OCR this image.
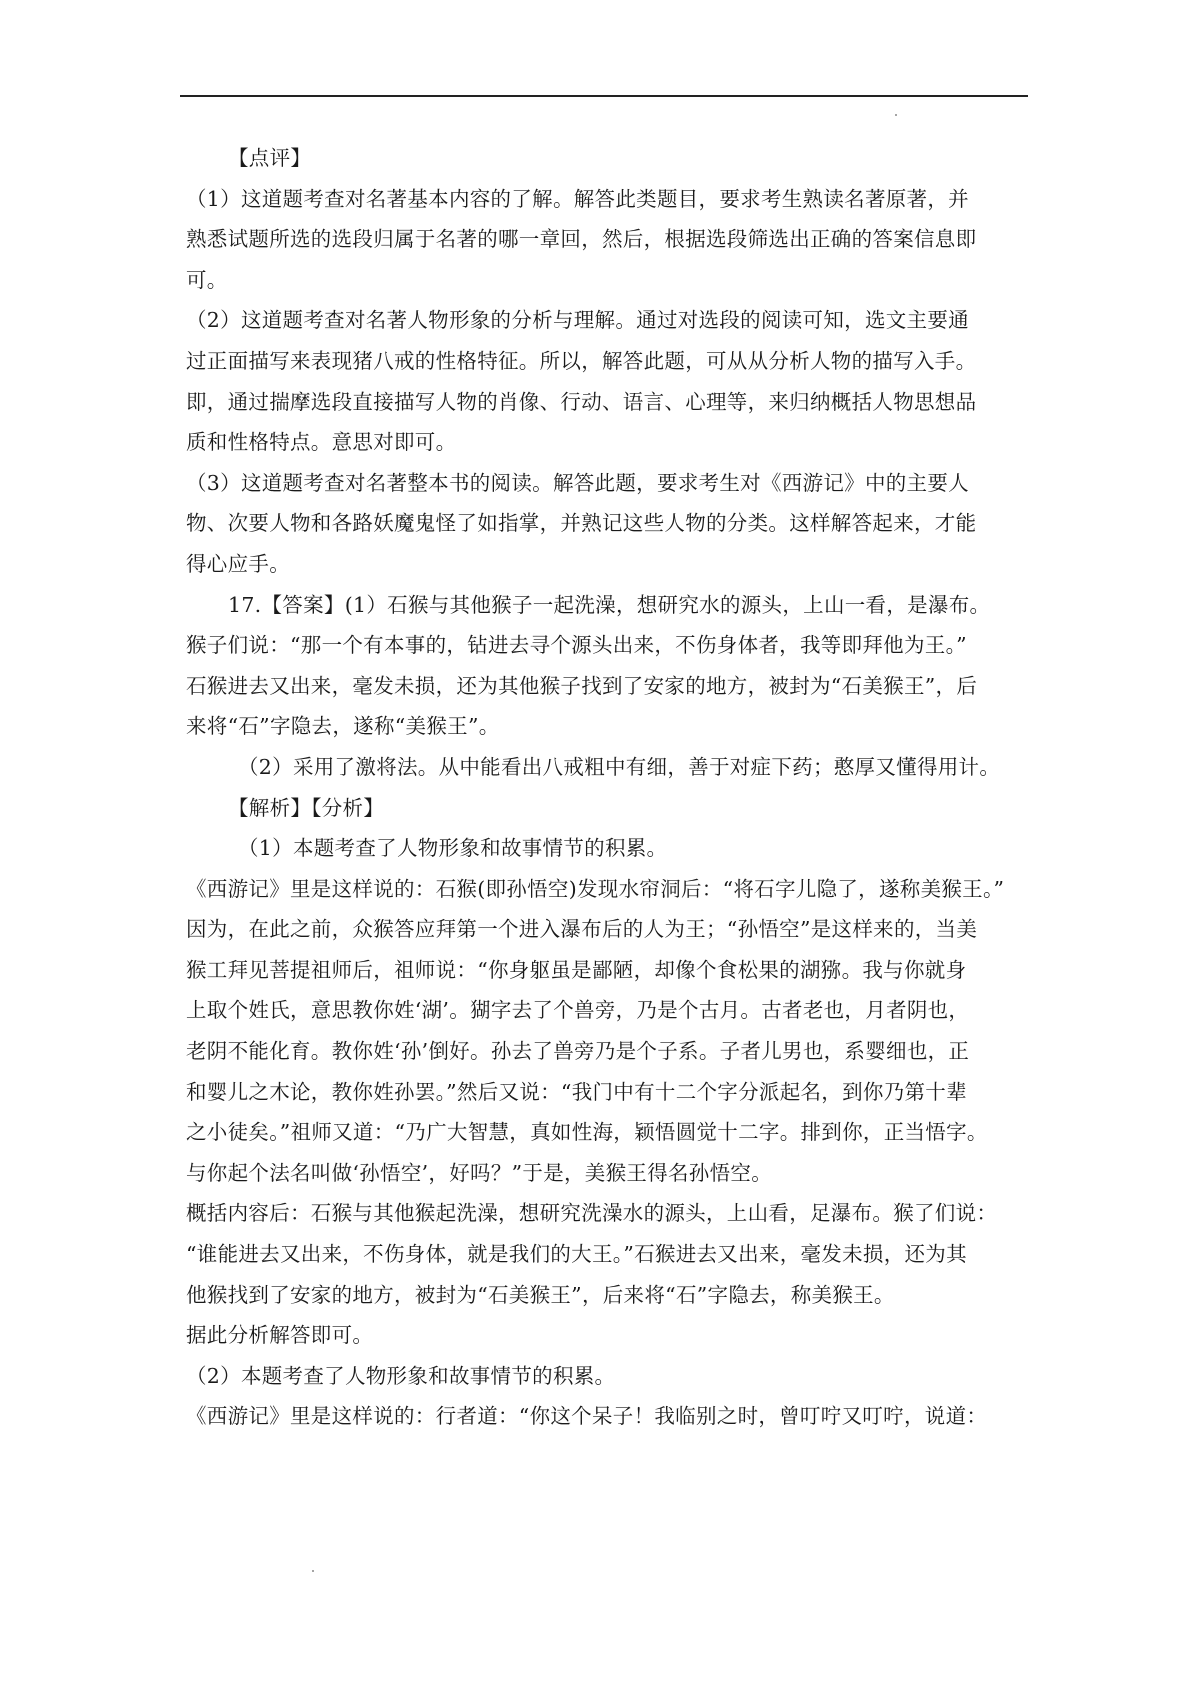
【点评】
（1）这道题考查对名著基本内容的了解。解答此类题目，要求考生熟读名著原著，并
熟悉试题所选的选段归属于名著的哪一章回，然后，根据选段筛选出正确的答案信息即
可。
（2）这道题考查对名著人物形象的分析与理解。通过对选段的阅读可知，选文主要通
过正面描写来表现猪八戒的性格特征。所以，解答此题，可从从分析人物的描写入手。
即，通过揣摩选段直接描写人物的肖像、行动、语言、心理等，来归纳概括人物思想品
质和性格特点。意思对即可。
（3）这道题考查对名著整本书的阅读。解答此题，要求考生对《西游记》中的主要人
物、次要人物和各路妖魔鬼怪了如指掌，并熟记这些人物的分类。这样解答起来，才能
得心应手。
17.【答案】(1）石猴与其他猴子一起洗澡，想研究水的源头，上山一看，是瀑布。
猴子们说：“那一个有本事的，钻进去寻个源头出来，不伤身体者，我等即拜他为王。”
石猴进去又出来，毫发未损，还为其他猴子找到了安家的地方，被封为“石美猴王”，后
来将“石”字隐去，遂称“美猴王”。
（2）采用了激将法。从中能看出八戒粗中有细，善于对症下药；憨厚又懂得用计。
【解析】【分析】
（1）本题考查了人物形象和故事情节的积累。
《西游记》里是这样说的：石猴(即孙悟空)发现水帘洞后：“将石字儿隐了，遂称美猴王。”
因为，在此之前，众猴答应拜第一个进入瀑布后的人为王；“孙悟空”是这样来的，当美
猴工拜见菩提祖师后，祖师说：“你身躯虽是鄙陋，却像个食松果的湖猕。我与你就身
上取个姓氏，意思教你姓‘湖’。猢字去了个兽旁，乃是个古月。古者老也，月者阴也，
老阴不能化育。教你姓‘孙’倒好。孙去了兽旁乃是个子系。子者儿男也，系婴细也，正
和婴儿之木论，教你姓孙罢。”然后又说：“我门中有十二个字分派起名，到你乃第十辈
之小徒矣。”祖师又道：“乃广大智慧，真如性海，颖悟圆觉十二字。排到你，正当悟字。
与你起个法名叫做‘孙悟空’，好吗？”于是，美猴王得名孙悟空。
概括内容后：石猴与其他猴起洗澡，想研究洗澡水的源头，上山看，足瀑布。猴了们说：
“谁能进去又出来，不伤身体，就是我们的大王。”石猴进去又出来，毫发未损，还为其
他猴找到了安家的地方，被封为“石美猴王”，后来将“石”字隐去，称美猴王。
据此分析解答即可。
（2）本题考查了人物形象和故事情节的积累。
《西游记》里是这样说的：行者道：“你这个呆子！我临别之时，曾叮咛又叮咛，说道：
